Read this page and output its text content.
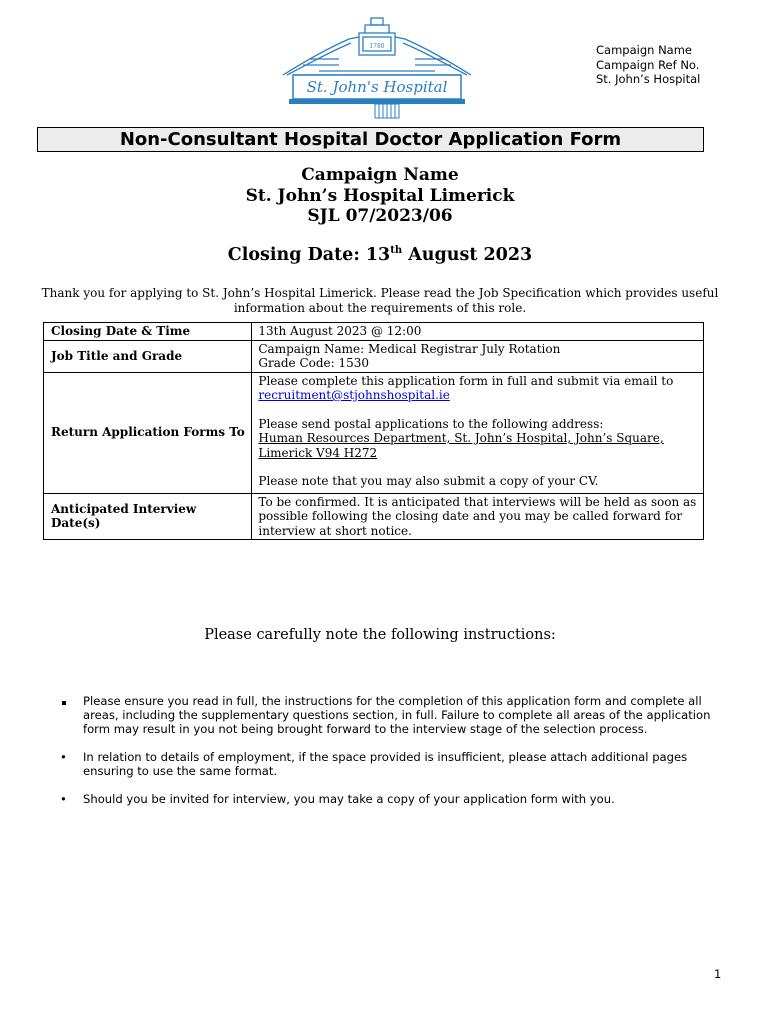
1780
St. John's Hospital
Campaign Name
Campaign Ref No.
St. John’s Hospital
Non-Consultant Hospital Doctor Application Form
Campaign Name
St. John’s Hospital Limerick
SJL 07/2023/06
Closing Date: 13th August 2023
Thank you for applying to St. John’s Hospital Limerick. Please read the Job Specification which provides useful information about the requirements of this role.
Closing Date & Time	13th August 2023 @ 12:00
Job Title and Grade	Campaign Name: Medical Registrar July Rotation
Grade Code: 1530

Return Application Forms To	Please complete this application form in full and submit via email to recruitment@stjohnshospital.ie
Please send postal applications to the following address:
Human Resources Department, St. John’s Hospital, John’s Square, Limerick V94 H272
Please note that you may also submit a copy of your CV.

Anticipated Interview Date(s)	To be confirmed. It is anticipated that interviews will be held as soon as possible following the closing date and you may be called forward for interview at short notice.
Please carefully note the following instructions:
Please ensure you read in full, the instructions for the completion of this application form and complete all areas, including the supplementary questions section, in full. Failure to complete all areas of the application form may result in you not being brought forward to the interview stage of the selection process.
• In relation to details of employment, if the space provided is insufficient, please attach additional pages ensuring to use the same format.
• Should you be invited for interview, you may take a copy of your application form with you.
1
